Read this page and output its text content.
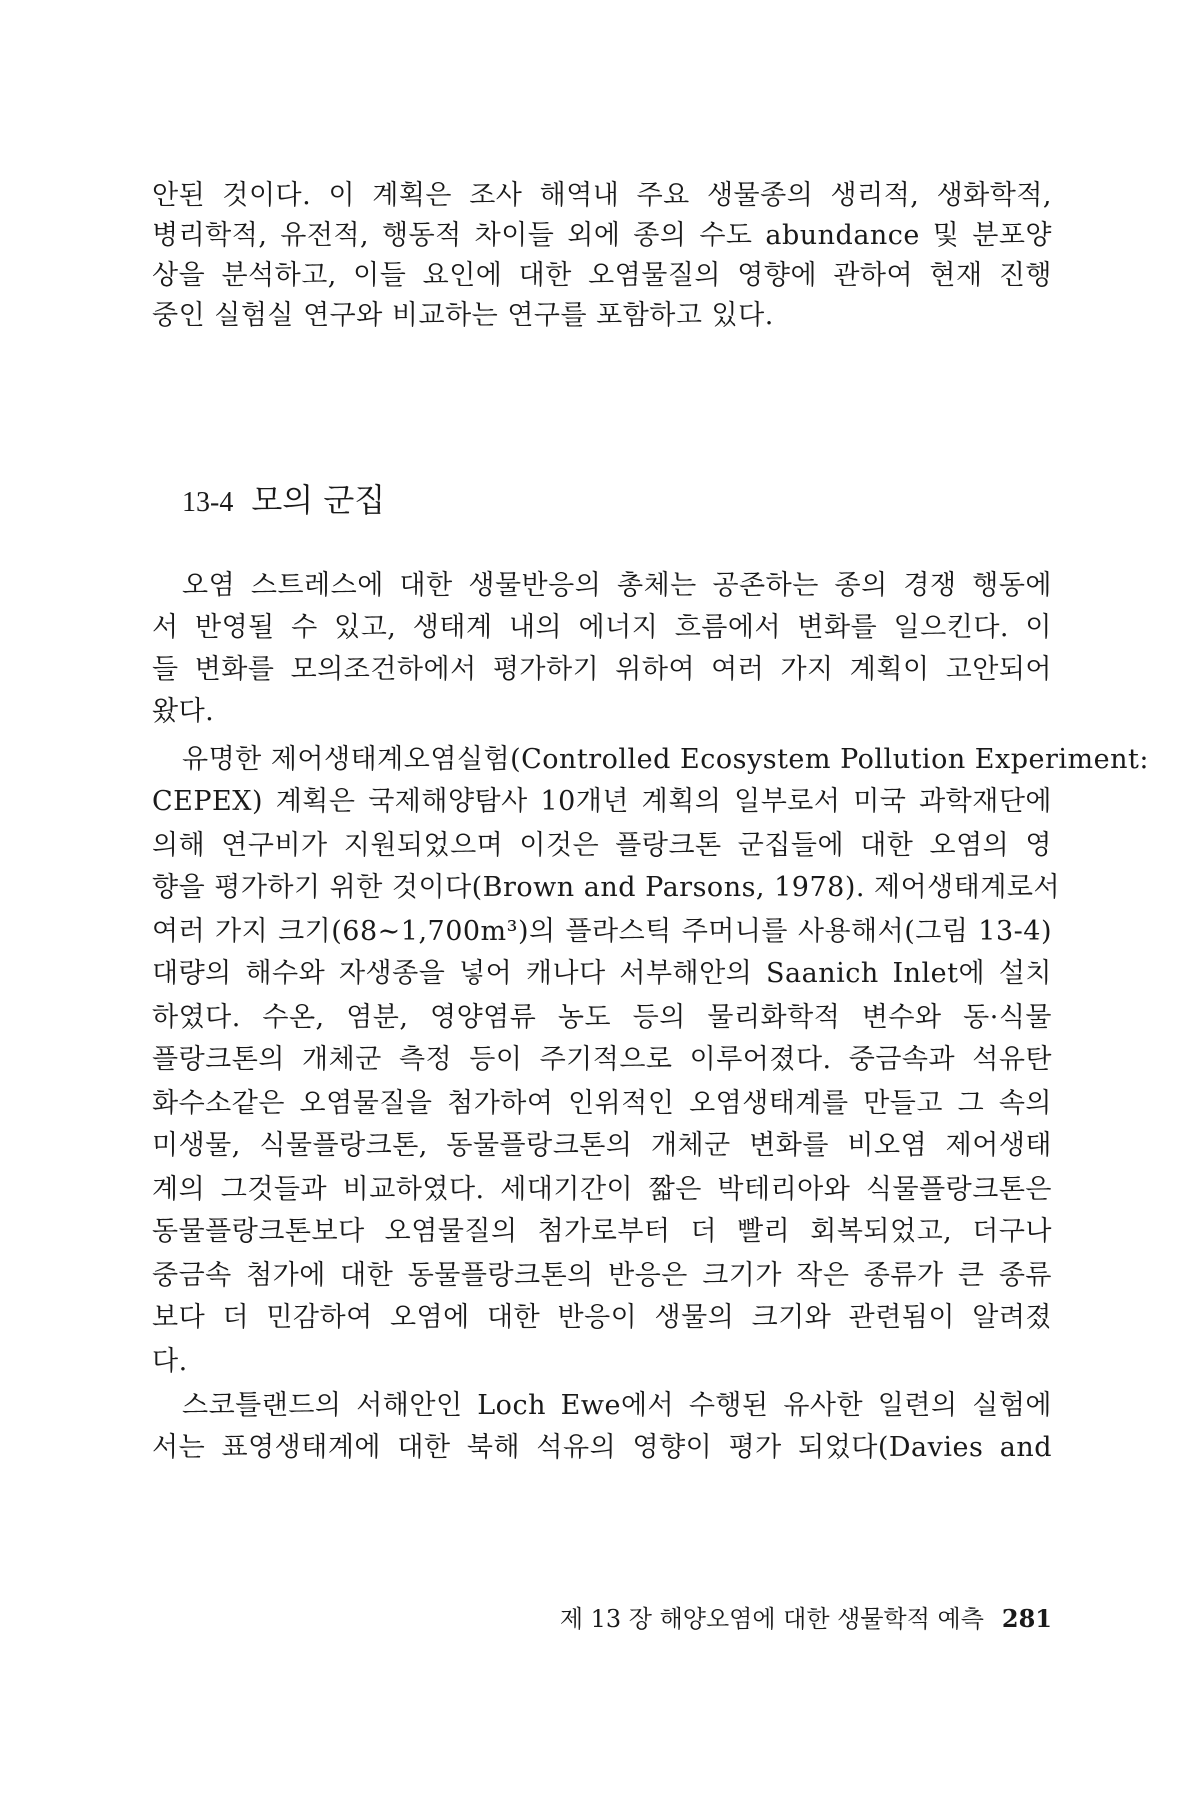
안된 것이다. 이 계획은 조사 해역내 주요 생물종의 생리적, 생화학적,
병리학적, 유전적, 행동적 차이들 외에 종의 수도 abundance 및 분포양
상을 분석하고, 이들 요인에 대한 오염물질의 영향에 관하여 현재 진행
중인 실험실 연구와 비교하는 연구를 포함하고 있다.
13-4 모의 군집
오염 스트레스에 대한 생물반응의 총체는 공존하는 종의 경쟁 행동에
서 반영될 수 있고, 생태계 내의 에너지 흐름에서 변화를 일으킨다. 이
들 변화를 모의조건하에서 평가하기 위하여 여러 가지 계획이 고안되어
왔다.
유명한 제어생태계오염실험(Controlled Ecosystem Pollution Experiment:
CEPEX) 계획은 국제해양탐사 10개년 계획의 일부로서 미국 과학재단에
의해 연구비가 지원되었으며 이것은 플랑크톤 군집들에 대한 오염의 영
향을 평가하기 위한 것이다(Brown and Parsons, 1978). 제어생태계로서
여러 가지 크기(68∼1,700m³)의 플라스틱 주머니를 사용해서(그림 13-4)
대량의 해수와 자생종을 넣어 캐나다 서부해안의 Saanich Inlet에 설치
하였다. 수온, 염분, 영양염류 농도 등의 물리화학적 변수와 동·식물
플랑크톤의 개체군 측정 등이 주기적으로 이루어졌다. 중금속과 석유탄
화수소같은 오염물질을 첨가하여 인위적인 오염생태계를 만들고 그 속의
미생물, 식물플랑크톤, 동물플랑크톤의 개체군 변화를 비오염 제어생태
계의 그것들과 비교하였다. 세대기간이 짧은 박테리아와 식물플랑크톤은
동물플랑크톤보다 오염물질의 첨가로부터 더 빨리 회복되었고, 더구나
중금속 첨가에 대한 동물플랑크톤의 반응은 크기가 작은 종류가 큰 종류
보다 더 민감하여 오염에 대한 반응이 생물의 크기와 관련됨이 알려졌
다.
스코틀랜드의 서해안인 Loch Ewe에서 수행된 유사한 일련의 실험에
서는 표영생태계에 대한 북해 석유의 영향이 평가 되었다(Davies and
제 13 장 해양오염에 대한 생물학적 예측 281
